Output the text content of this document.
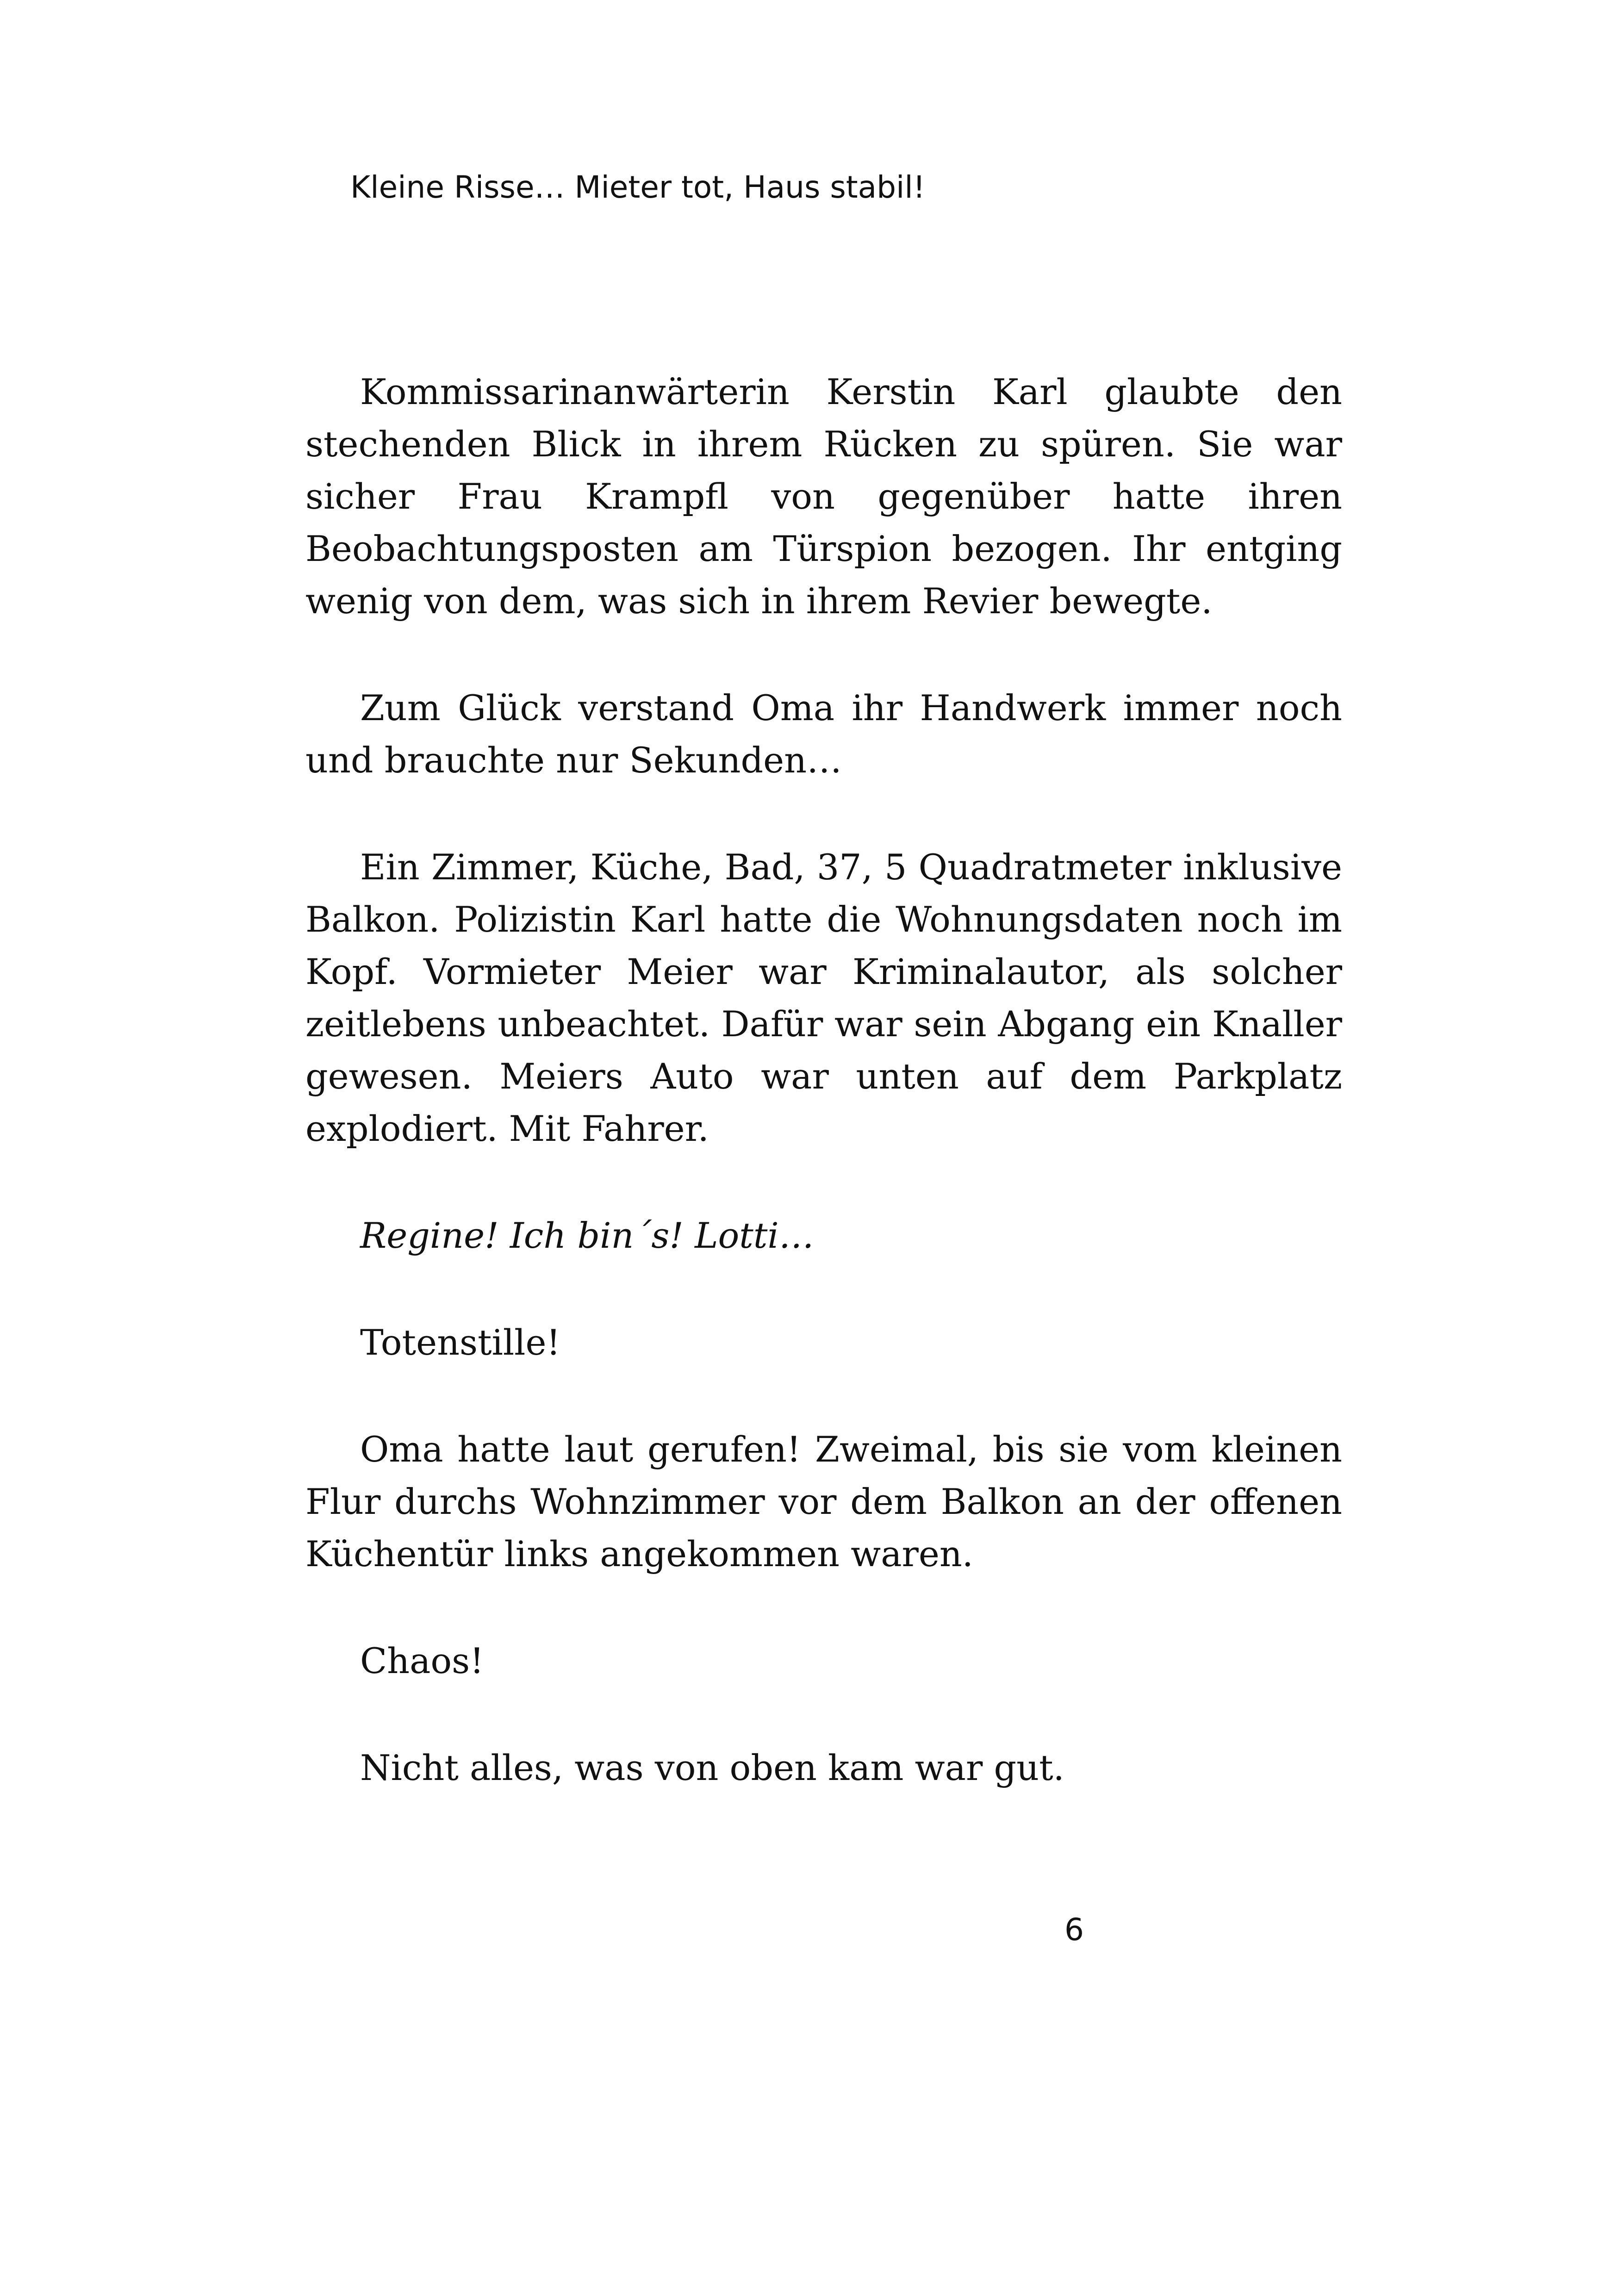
Kleine Risse… Mieter tot, Haus stabil!

Kommissarinanwärterin Kerstin Karl glaubte den stechenden Blick in ihrem Rücken zu spüren. Sie war sicher Frau Krampfl von gegenüber hatte ihren Beobachtungsposten am Türspion bezogen. Ihr entging wenig von dem, was sich in ihrem Revier bewegte.

Zum Glück verstand Oma ihr Handwerk immer noch und brauchte nur Sekunden…

Ein Zimmer, Küche, Bad, 37, 5 Quadratmeter inklusive Balkon. Polizistin Karl hatte die Wohnungsdaten noch im Kopf. Vormieter Meier war Kriminalautor, als solcher zeitlebens unbeachtet. Dafür war sein Abgang ein Knaller gewesen. Meiers Auto war unten auf dem Parkplatz explodiert. Mit Fahrer.

Regine! Ich bin´s! Lotti…

Totenstille!

Oma hatte laut gerufen! Zweimal, bis sie vom kleinen Flur durchs Wohnzimmer vor dem Balkon an der offenen Küchentür links angekommen waren.

Chaos!

Nicht alles, was von oben kam war gut.

6
